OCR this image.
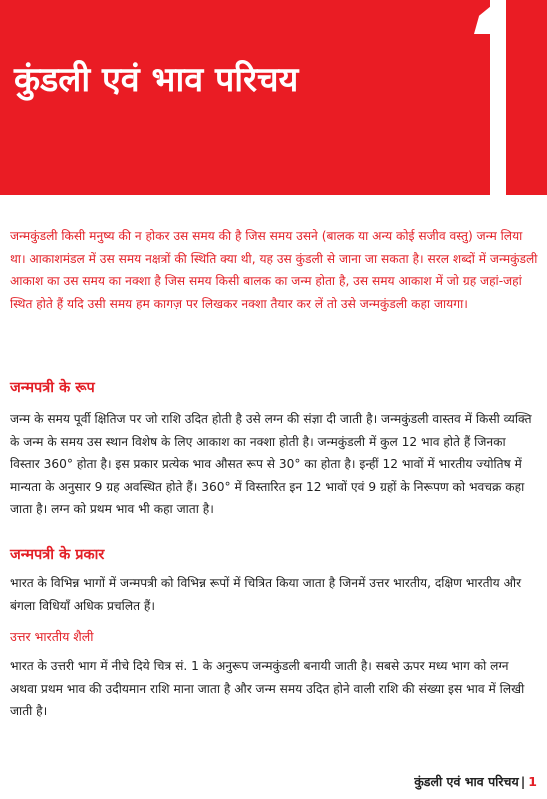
कुंडली एवं भाव परिचय

जन्मकुंडली किसी मनुष्य की न होकर उस समय की है जिस समय उसने (बालक या अन्य कोई सजीव वस्तु) जन्म लिया था। आकाशमंडल में उस समय नक्षत्रों की स्थिति क्या थी, यह उस कुंडली से जाना जा सकता है। सरल शब्दों में जन्मकुंडली आकाश का उस समय का नक्शा है जिस समय किसी बालक का जन्म होता है, उस समय आकाश में जो ग्रह जहां-जहां स्थित होते हैं यदि उसी समय हम कागज़ पर लिखकर नक्शा तैयार कर लें तो उसे जन्मकुंडली कहा जायगा।

जन्मपत्री के रूप

जन्म के समय पूर्वी क्षितिज पर जो राशि उदित होती है उसे लग्न की संज्ञा दी जाती है। जन्मकुंडली वास्तव में किसी व्यक्ति के जन्म के समय उस स्थान विशेष के लिए आकाश का नक्शा होती है। जन्मकुंडली में कुल 12 भाव होते हैं जिनका विस्तार 360° होता है। इस प्रकार प्रत्येक भाव औसत रूप से 30° का होता है। इन्हीं 12 भावों में भारतीय ज्योतिष में मान्यता के अनुसार 9 ग्रह अवस्थित होते हैं। 360° में विस्तारित इन 12 भावों एवं 9 ग्रहों के निरूपण को भवचक्र कहा जाता है। लग्न को प्रथम भाव भी कहा जाता है।

जन्मपत्री के प्रकार

भारत के विभिन्न भागों में जन्मपत्री को विभिन्न रूपों में चित्रित किया जाता है जिनमें उत्तर भारतीय, दक्षिण भारतीय और बंगला विधियाँ अधिक प्रचलित हैं।

उत्तर भारतीय शैली

भारत के उत्तरी भाग में नीचे दिये चित्र सं. 1 के अनुरूप जन्मकुंडली बनायी जाती है। सबसे ऊपर मध्य भाग को लग्न अथवा प्रथम भाव की उदीयमान राशि माना जाता है और जन्म समय उदित होने वाली राशि की संख्या इस भाव में लिखी जाती है।

कुंडली एवं भाव परिचय | 1
